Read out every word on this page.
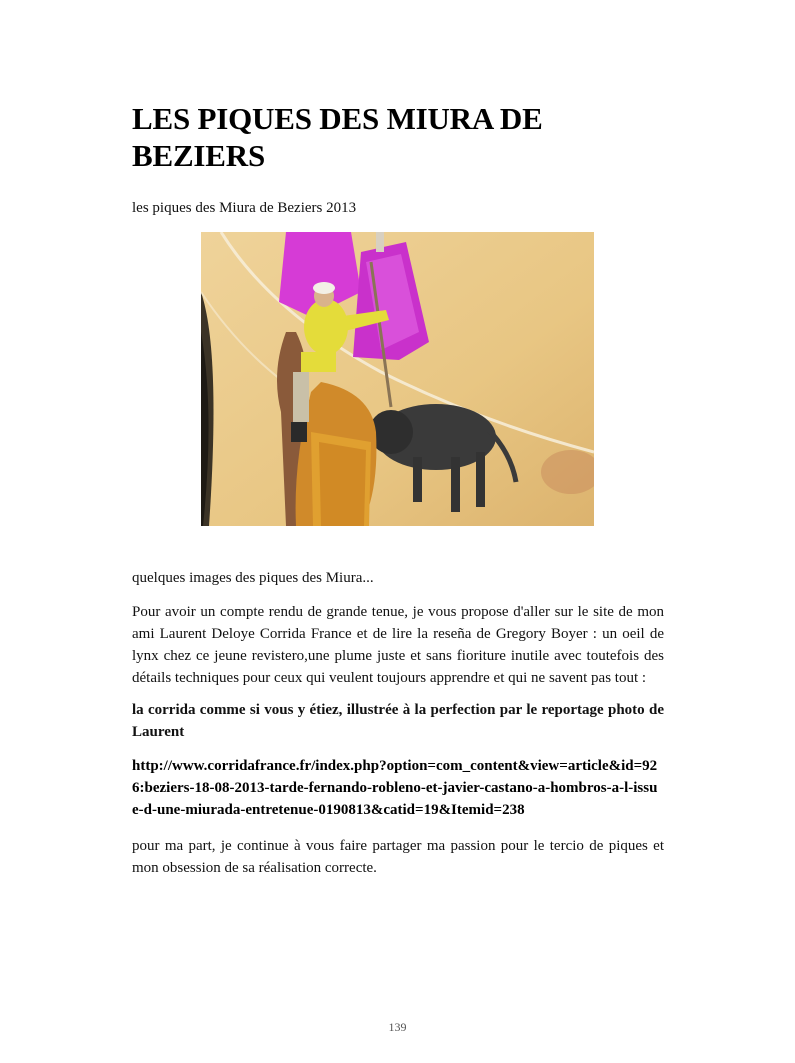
LES PIQUES DES MIURA DE BEZIERS

les piques des Miura de Beziers 2013

quelques images des piques des Miura...

Pour avoir un compte rendu de grande tenue, je vous propose d'aller sur le site de mon ami Laurent Deloye Corrida France et de lire la reseña de Gregory Boyer : un oeil de lynx chez ce jeune revistero,une plume juste et sans fioriture inutile avec toutefois des détails techniques pour ceux qui veulent toujours apprendre et qui ne savent pas tout :

la corrida comme si vous y étiez, illustrée à la perfection par le reportage photo de Laurent

http://www.corridafrance.fr/index.php?option=com_content&view=article&id=926:beziers-18-08-2013-tarde-fernando-robleno-et-javier-castano-a-hombros-a-l-issue-d-une-miurada-entretenue-0190813&catid=19&Itemid=238

pour ma part, je continue à vous faire partager ma passion pour le tercio de piques et mon obsession de sa réalisation correcte.

139
